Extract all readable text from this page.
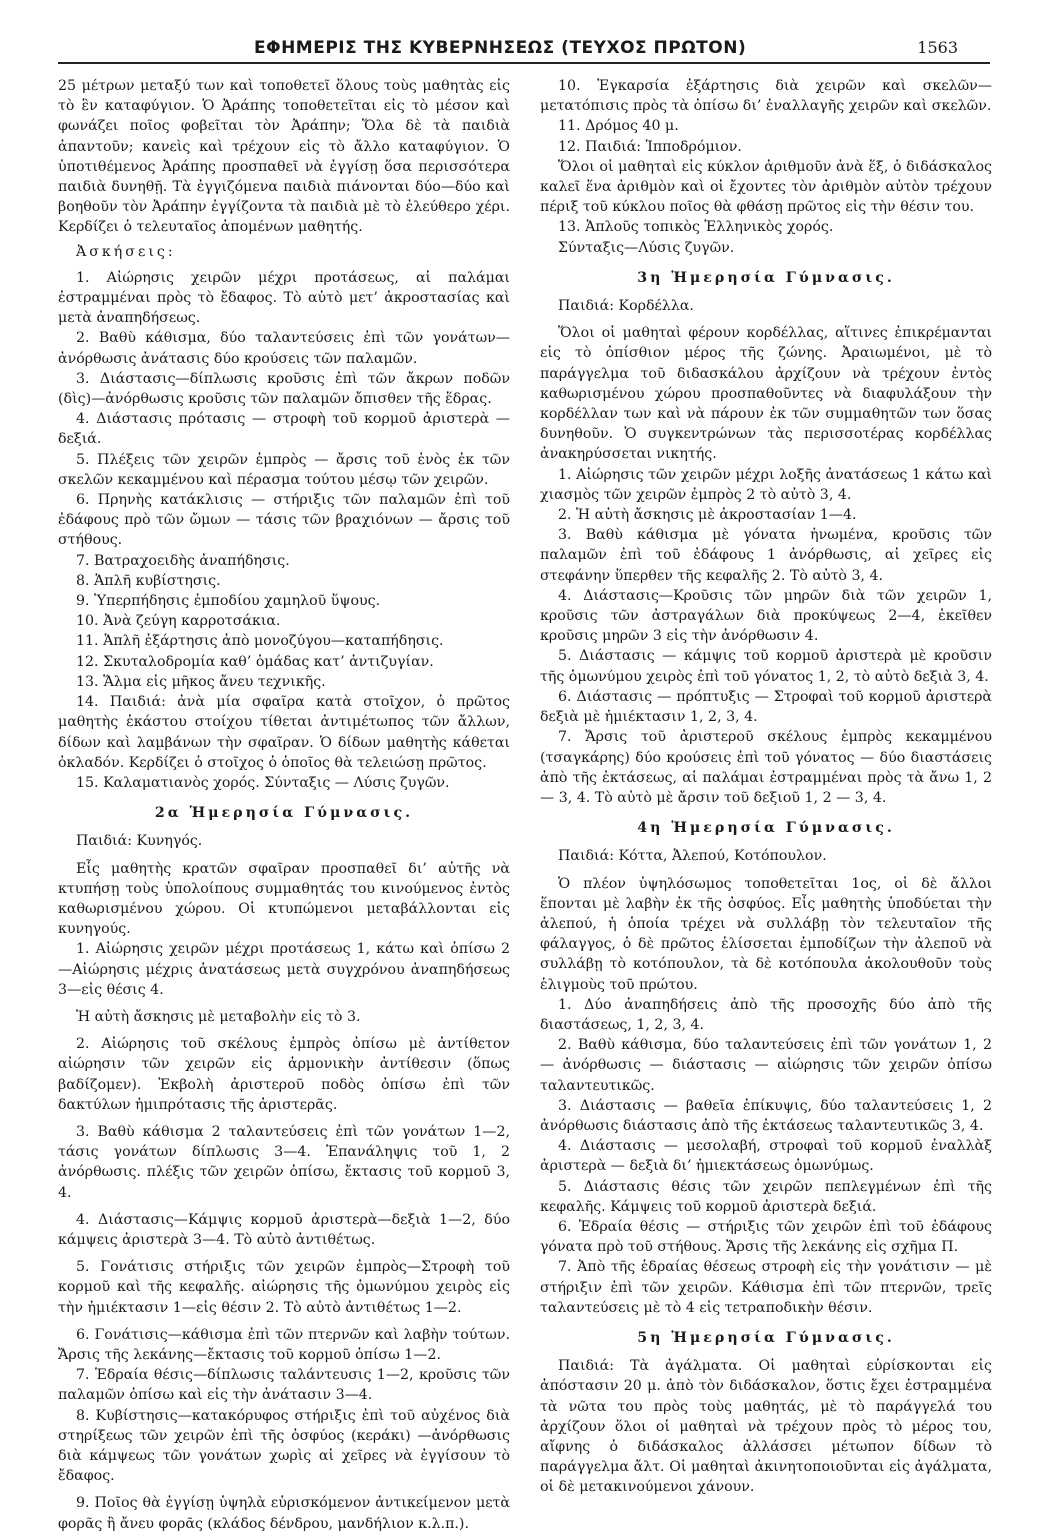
ΕΦΗΜΕΡΙΣ ΤΗΣ ΚΥΒΕΡΝΗΣΕΩΣ (ΤΕΥΧΟΣ ΠΡΩΤΟΝ)	1563
25 μέτρων μεταξύ των καὶ τοποθετεῖ ὅλους τοὺς μαθητὰς εἰς τὸ ἓν καταφύγιον. Ὁ Ἀράπης τοποθετεῖται εἰς τὸ μέσον καὶ φωνάζει ποῖος φοβεῖται τὸν Ἀράπην; Ὅλα δὲ τὰ παιδιὰ ἀπαντοῦν; κανεὶς καὶ τρέχουν εἰς τὸ ἄλλο καταφύγιον. Ὁ ὑποτιθέμενος Ἀράπης προσπαθεῖ νὰ ἐγγίσῃ ὅσα περισσότερα παιδιὰ δυνηθῇ. Τὰ ἐγγιζόμενα παιδιὰ πιάνονται δύο—δύο καὶ βοηθοῦν τὸν Ἀράπην ἐγγίζοντα τὰ παιδιὰ μὲ τὸ ἐλεύθερο χέρι. Κερδίζει ὁ τελευταῖος ἀπομένων μαθητής.
Ἀσκήσεις:
1. Αἰώρησις χειρῶν μέχρι προτάσεως, αἱ παλάμαι ἐστραμμέναι πρὸς τὸ ἔδαφος. Τὸ αὐτὸ μετ’ ἀκροστασίας καὶ μετὰ ἀναπηδήσεως.
2. Βαθὺ κάθισμα, δύο ταλαντεύσεις ἐπὶ τῶν γονάτων—ἀνόρθωσις ἀνάτασις δύο κρούσεις τῶν παλαμῶν.
3. Διάστασις—δίπλωσις κροῦσις ἐπὶ τῶν ἄκρων ποδῶν (δὶς)—ἀνόρθωσις κροῦσις τῶν παλαμῶν ὄπισθεν τῆς ἕδρας.
4. Διάστασις πρότασις — στροφὴ τοῦ κορμοῦ ἀριστερὰ — δεξιά.
5. Πλέξεις τῶν χειρῶν ἐμπρὸς — ἄρσις τοῦ ἑνὸς ἐκ τῶν σκελῶν κεκαμμένου καὶ πέρασμα τούτου μέσῳ τῶν χειρῶν.
6. Πρηνὴς κατάκλισις — στήριξις τῶν παλαμῶν ἐπὶ τοῦ ἐδάφους πρὸ τῶν ὤμων — τάσις τῶν βραχιόνων — ἄρσις τοῦ στήθους.
7. Βατραχοειδὴς ἀναπήδησις.
8. Ἁπλῆ κυβίστησις.
9. Ὑπερπήδησις ἐμποδίου χαμηλοῦ ὕψους.
10. Ἀνὰ ζεύγη καρροτσάκια.
11. Ἁπλῆ ἐξάρτησις ἀπὸ μονοζύγου—καταπήδησις.
12. Σκυταλοδρομία καθ’ ὁμάδας κατ’ ἀντιζυγίαν.
13. Ἅλμα εἰς μῆκος ἄνευ τεχνικῆς.
14. Παιδιά: ἀνὰ μία σφαῖρα κατὰ στοῖχον, ὁ πρῶτος μαθητὴς ἑκάστου στοίχου τίθεται ἀντιμέτωπος τῶν ἄλλων, δίδων καὶ λαμβάνων τὴν σφαῖραν. Ὁ δίδων μαθητὴς κάθεται ὀκλαδόν. Κερδίζει ὁ στοῖχος ὁ ὁποῖος θὰ τελειώσῃ πρῶτος.
15. Καλαματιανὸς χορός. Σύνταξις — Λύσις ζυγῶν.
2α Ἡμερησία Γύμνασις.
Παιδιά: Κυνηγός.
Εἷς μαθητὴς κρατῶν σφαῖραν προσπαθεῖ δι’ αὐτῆς νὰ κτυπήσῃ τοὺς ὑπολοίπους συμμαθητάς του κινούμενος ἐντὸς καθωρισμένου χώρου. Οἱ κτυπώμενοι μεταβάλλονται εἰς κυνηγούς.
1. Αἰώρησις χειρῶν μέχρι προτάσεως 1, κάτω καὶ ὀπίσω 2—Αἰώρησις μέχρις ἀνατάσεως μετὰ συγχρόνου ἀναπηδήσεως 3—εἰς θέσις 4.
Ἡ αὐτὴ ἄσκησις μὲ μεταβολὴν εἰς τὸ 3.
2. Αἰώρησις τοῦ σκέλους ἐμπρὸς ὀπίσω μὲ ἀντίθετον αἰώρησιν τῶν χειρῶν εἰς ἁρμονικὴν ἀντίθεσιν (ὅπως βαδίζομεν). Ἐκβολὴ ἀριστεροῦ ποδὸς ὀπίσω ἐπὶ τῶν δακτύλων ἡμιπρότασις τῆς ἀριστερᾶς.
3. Βαθὺ κάθισμα 2 ταλαντεύσεις ἐπὶ τῶν γονάτων 1—2, τάσις γονάτων δίπλωσις 3—4. Ἐπανάληψις τοῦ 1, 2 ἀνόρθωσις. πλέξις τῶν χειρῶν ὀπίσω, ἔκτασις τοῦ κορμοῦ 3, 4.
4. Διάστασις—Κάμψις κορμοῦ ἀριστερὰ—δεξιὰ 1—2, δύο κάμψεις ἀριστερὰ 3—4. Τὸ αὐτὸ ἀντιθέτως.
5. Γονάτισις στήριξις τῶν χειρῶν ἐμπρὸς—Στροφὴ τοῦ κορμοῦ καὶ τῆς κεφαλῆς. αἰώρησις τῆς ὁμωνύμου χειρὸς εἰς τὴν ἡμιέκτασιν 1—εἰς θέσιν 2. Τὸ αὐτὸ ἀντιθέτως 1—2.
6. Γονάτισις—κάθισμα ἐπὶ τῶν πτερνῶν καὶ λαβὴν τούτων. Ἄρσις τῆς λεκάνης—ἔκτασις τοῦ κορμοῦ ὀπίσω 1—2.
7. Ἑδραία θέσις—δίπλωσις ταλάντευσις 1—2, κροῦσις τῶν παλαμῶν ὀπίσω καὶ εἰς τὴν ἀνάτασιν 3—4.
8. Κυβίστησις—κατακόρυφος στήριξις ἐπὶ τοῦ αὐχένος διὰ στηρίξεως τῶν χειρῶν ἐπὶ τῆς ὀσφύος (κεράκι) —ἀνόρθωσις διὰ κάμψεως τῶν γονάτων χωρὶς αἱ χεῖρες νὰ ἐγγίσουν τὸ ἔδαφος.
9. Ποῖος θὰ ἐγγίσῃ ὑψηλὰ εὑρισκόμενον ἀντικείμενον μετὰ φορᾶς ἢ ἄνευ φορᾶς (κλάδος δένδρου, μανδήλιον κ.λ.π.).
10. Ἐγκαρσία ἐξάρτησις διὰ χειρῶν καὶ σκελῶν—μετατόπισις πρὸς τὰ ὀπίσω δι’ ἐναλλαγῆς χειρῶν καὶ σκελῶν.
11. Δρόμος 40 μ.
12. Παιδιά: Ἱπποδρόμιον.
Ὅλοι οἱ μαθηταὶ εἰς κύκλον ἀριθμοῦν ἀνὰ ἕξ, ὁ διδάσκαλος καλεῖ ἕνα ἀριθμὸν καὶ οἱ ἔχοντες τὸν ἀριθμὸν αὐτὸν τρέχουν πέριξ τοῦ κύκλου ποῖος θὰ φθάσῃ πρῶτος εἰς τὴν θέσιν του.
13. Ἁπλοῦς τοπικὸς Ἑλληνικὸς χορός.
Σύνταξις—Λύσις ζυγῶν.
3η Ἡμερησία Γύμνασις.
Παιδιά: Κορδέλλα.
Ὅλοι οἱ μαθηταὶ φέρουν κορδέλλας, αἵτινες ἐπικρέμανται εἰς τὸ ὀπίσθιον μέρος τῆς ζώνης. Ἀραιωμένοι, μὲ τὸ παράγγελμα τοῦ διδασκάλου ἀρχίζουν νὰ τρέχουν ἐντὸς καθωρισμένου χώρου προσπαθοῦντες νὰ διαφυλάξουν τὴν κορδέλλαν των καὶ νὰ πάρουν ἐκ τῶν συμμαθητῶν των ὅσας δυνηθοῦν. Ὁ συγκεντρώνων τὰς περισσοτέρας κορδέλλας ἀνακηρύσσεται νικητής.
1. Αἰώρησις τῶν χειρῶν μέχρι λοξῆς ἀνατάσεως 1 κάτω καὶ χιασμὸς τῶν χειρῶν ἐμπρὸς 2 τὸ αὐτὸ 3, 4.
2. Ἡ αὐτὴ ἄσκησις μὲ ἀκροστασίαν 1—4.
3. Βαθὺ κάθισμα μὲ γόνατα ἡνωμένα, κροῦσις τῶν παλαμῶν ἐπὶ τοῦ ἐδάφους 1 ἀνόρθωσις, αἱ χεῖρες εἰς στεφάνην ὕπερθεν τῆς κεφαλῆς 2. Τὸ αὐτὸ 3, 4.
4. Διάστασις—Κροῦσις τῶν μηρῶν διὰ τῶν χειρῶν 1, κροῦσις τῶν ἀστραγάλων διὰ προκύψεως 2—4, ἐκεῖθεν κροῦσις μηρῶν 3 εἰς τὴν ἀνόρθωσιν 4.
5. Διάστασις — κάμψις τοῦ κορμοῦ ἀριστερὰ μὲ κροῦσιν τῆς ὁμωνύμου χειρὸς ἐπὶ τοῦ γόνατος 1, 2, τὸ αὐτὸ δεξιὰ 3, 4.
6. Διάστασις — πρόπτυξις — Στροφαὶ τοῦ κορμοῦ ἀριστερὰ δεξιὰ μὲ ἡμιέκτασιν 1, 2, 3, 4.
7. Ἄρσις τοῦ ἀριστεροῦ σκέλους ἐμπρὸς κεκαμμένου (τσαγκάρης) δύο κρούσεις ἐπὶ τοῦ γόνατος — δύο διαστάσεις ἀπὸ τῆς ἐκτάσεως, αἱ παλάμαι ἐστραμμέναι πρὸς τὰ ἄνω 1, 2 — 3, 4. Τὸ αὐτὸ μὲ ἄρσιν τοῦ δεξιοῦ 1, 2 — 3, 4.
4η Ἡμερησία Γύμνασις.
Παιδιά: Κόττα, Ἀλεπού, Κοτόπουλον.
Ὁ πλέον ὑψηλόσωμος τοποθετεῖται 1ος, οἱ δὲ ἄλλοι ἕπονται μὲ λαβὴν ἐκ τῆς ὀσφύος. Εἷς μαθητὴς ὑποδύεται τὴν ἀλεπού, ἡ ὁποία τρέχει νὰ συλλάβῃ τὸν τελευταῖον τῆς φάλαγγος, ὁ δὲ πρῶτος ἑλίσσεται ἐμποδίζων τὴν ἀλεποῦ νὰ συλλάβῃ τὸ κοτόπουλον, τὰ δὲ κοτόπουλα ἀκολουθοῦν τοὺς ἑλιγμοὺς τοῦ πρώτου.
1. Δύο ἀναπηδήσεις ἀπὸ τῆς προσοχῆς δύο ἀπὸ τῆς διαστάσεως, 1, 2, 3, 4.
2. Βαθὺ κάθισμα, δύο ταλαντεύσεις ἐπὶ τῶν γονάτων 1, 2 — ἀνόρθωσις — διάστασις — αἰώρησις τῶν χειρῶν ὀπίσω ταλαντευτικῶς.
3. Διάστασις — βαθεῖα ἐπίκυψις, δύο ταλαντεύσεις 1, 2 ἀνόρθωσις διάστασις ἀπὸ τῆς ἐκτάσεως ταλαντευτικῶς 3, 4.
4. Διάστασις — μεσολαβή, στροφαὶ τοῦ κορμοῦ ἐναλλὰξ ἀριστερὰ — δεξιὰ δι’ ἡμιεκτάσεως ὁμωνύμως.
5. Διάστασις θέσις τῶν χειρῶν πεπλεγμένων ἐπὶ τῆς κεφαλῆς. Κάμψεις τοῦ κορμοῦ ἀριστερὰ δεξιά.
6. Ἑδραία θέσις — στήριξις τῶν χειρῶν ἐπὶ τοῦ ἐδάφους γόνατα πρὸ τοῦ στήθους. Ἄρσις τῆς λεκάνης εἰς σχῆμα Π.
7. Ἀπὸ τῆς ἑδραίας θέσεως στροφὴ εἰς τὴν γονάτισιν — μὲ στήριξιν ἐπὶ τῶν χειρῶν. Κάθισμα ἐπὶ τῶν πτερνῶν, τρεῖς ταλαντεύσεις μὲ τὸ 4 εἰς τετραποδικὴν θέσιν.
5η Ἡμερησία Γύμνασις.
Παιδιά: Τὰ ἀγάλματα. Οἱ μαθηταὶ εὑρίσκονται εἰς ἀπόστασιν 20 μ. ἀπὸ τὸν διδάσκαλον, ὅστις ἔχει ἐστραμμένα τὰ νῶτα του πρὸς τοὺς μαθητάς, μὲ τὸ παράγγελά του ἀρχίζουν ὅλοι οἱ μαθηταὶ νὰ τρέχουν πρὸς τὸ μέρος του, αἴφνης ὁ διδάσκαλος ἀλλάσσει μέτωπον δίδων τὸ παράγγελμα ἄλτ. Οἱ μαθηταὶ ἀκινητοποιοῦνται εἰς ἀγάλματα, οἱ δὲ μετακινούμενοι χάνουν.
